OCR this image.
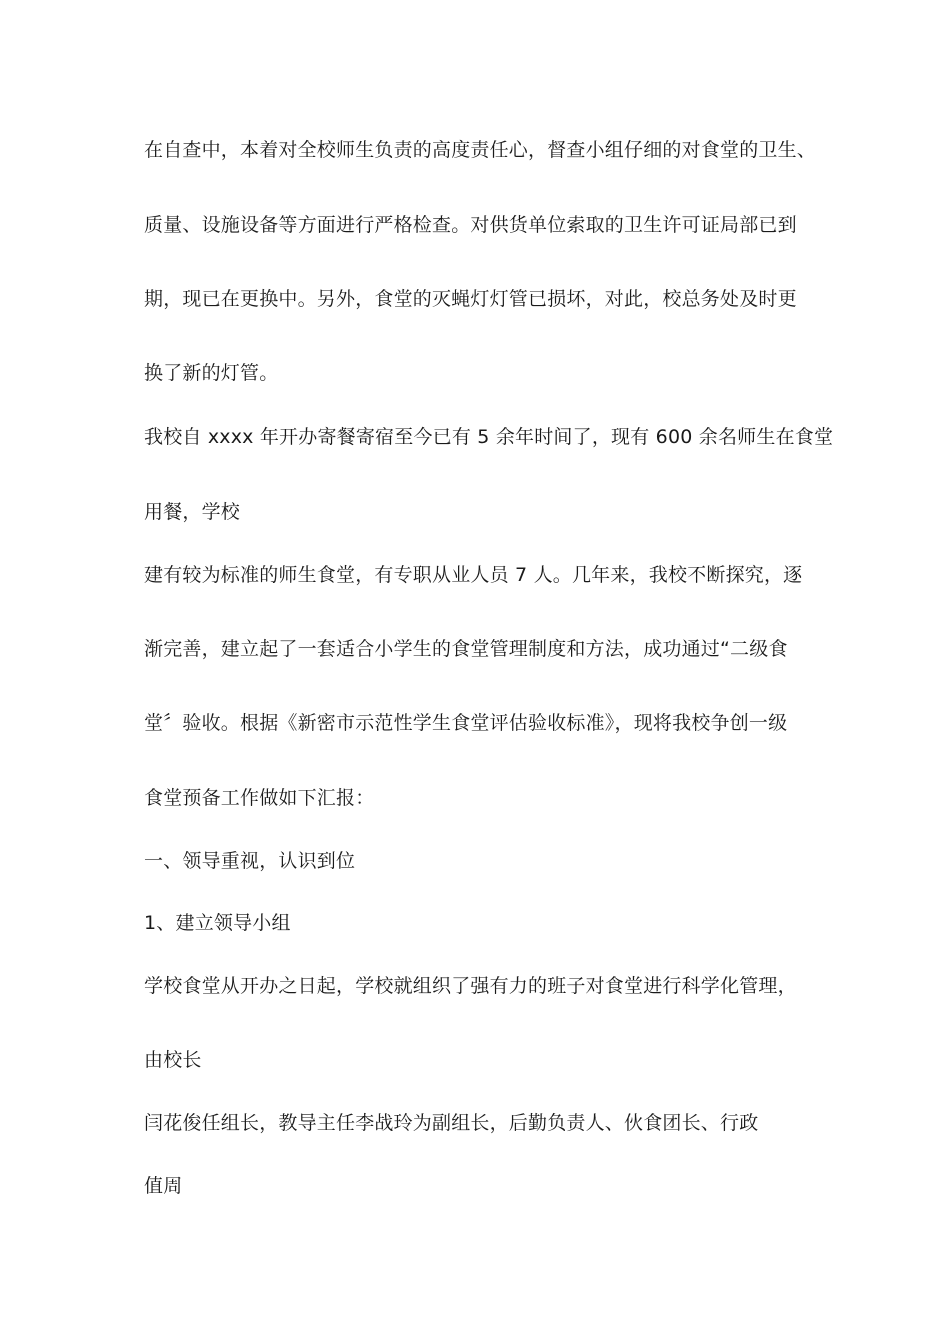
在自查中，本着对全校师生负责的高度责任心，督查小组仔细的对食堂的卫生、
质量、设施设备等方面进行严格检查。对供货单位索取的卫生许可证局部已到
期，现已在更换中。另外，食堂的灭蝇灯灯管已损坏，对此，校总务处及时更
换了新的灯管。
我校自 xxxx 年开办寄餐寄宿至今已有 5 余年时间了，现有 600 余名师生在食堂
用餐，学校
建有较为标准的师生食堂，有专职从业人员 7 人。几年来，我校不断探究，逐
渐完善，建立起了一套适合小学生的食堂管理制度和方法，成功通过“二级食
堂〞验收。根据《新密市示范性学生食堂评估验收标准》，现将我校争创一级
食堂预备工作做如下汇报：
一、领导重视，认识到位
1、建立领导小组
学校食堂从开办之日起，学校就组织了强有力的班子对食堂进行科学化管理，
由校长
闫花俊任组长，教导主任李战玲为副组长，后勤负责人、伙食团长、行政
值周
